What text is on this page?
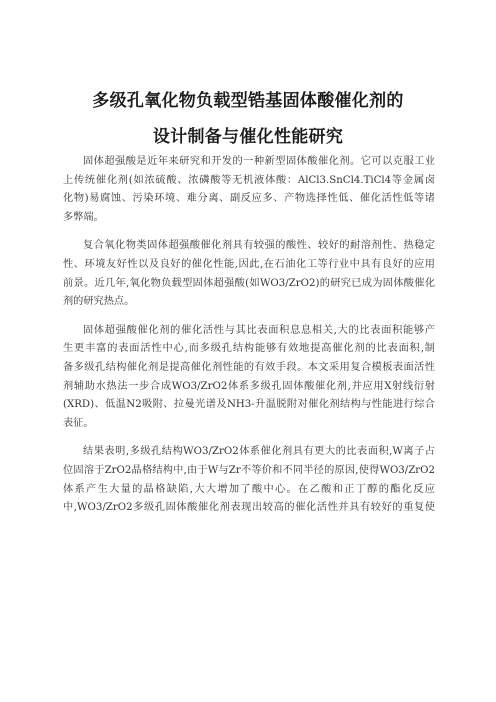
多级孔氧化物负载型锆基固体酸催化剂的
设计制备与催化性能研究

固体超强酸是近年来研究和开发的一种新型固体酸催化剂。它可以克服工业
上传统催化剂(如浓硫酸、浓磷酸等无机液体酸：AlCl3.SnCl4.TiCl4等金属卤
化物)易腐蚀、污染环境、难分离、副反应多、产物选择性低、催化活性低等诸
多弊端。

复合氧化物类固体超强酸催化剂具有较强的酸性、较好的耐溶剂性、热稳定
性、环境友好性以及良好的催化性能,因此,在石油化工等行业中具有良好的应用
前景。近几年,氧化物负载型固体超强酸(如WO3/ZrO2)的研究已成为固体酸催化
剂的研究热点。

固体超强酸催化剂的催化活性与其比表面积息息相关,大的比表面积能够产
生更丰富的表面活性中心,而多级孔结构能够有效地提高催化剂的比表面积,制
备多级孔结构催化剂是提高催化剂性能的有效手段。本文采用复合模板表面活性
剂辅助水热法一步合成WO3/ZrO2体系多级孔固体酸催化剂,并应用X射线衍射
(XRD)、低温N2吸附、拉曼光谱及NH3-升温脱附对催化剂结构与性能进行综合
表征。

结果表明,多级孔结构WO3/ZrO2体系催化剂具有更大的比表面积,W离子占
位固溶于ZrO2晶格结构中,由于W与Zr不等价和不同半径的原因,使得WO3/ZrO2
体系产生大量的晶格缺陷,大大增加了酸中心。在乙酸和正丁醇的酯化反应
中,WO3/ZrO2多级孔固体酸催化剂表现出较高的催化活性并具有较好的重复使
